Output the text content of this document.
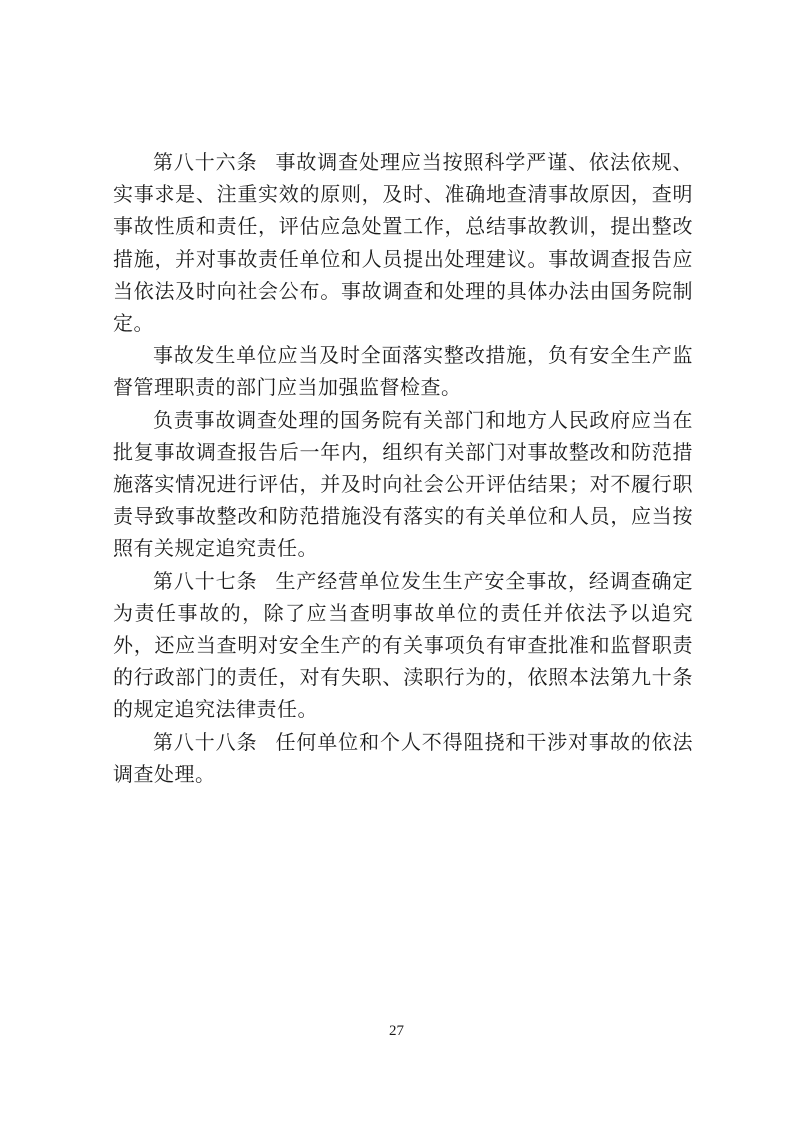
第八十六条 事故调查处理应当按照科学严谨、依法依规、实事求是、注重实效的原则，及时、准确地查清事故原因，查明事故性质和责任，评估应急处置工作，总结事故教训，提出整改措施，并对事故责任单位和人员提出处理建议。事故调查报告应当依法及时向社会公布。事故调查和处理的具体办法由国务院制定。

事故发生单位应当及时全面落实整改措施，负有安全生产监督管理职责的部门应当加强监督检查。

负责事故调查处理的国务院有关部门和地方人民政府应当在批复事故调查报告后一年内，组织有关部门对事故整改和防范措施落实情况进行评估，并及时向社会公开评估结果；对不履行职责导致事故整改和防范措施没有落实的有关单位和人员，应当按照有关规定追究责任。

第八十七条 生产经营单位发生生产安全事故，经调查确定为责任事故的，除了应当查明事故单位的责任并依法予以追究外，还应当查明对安全生产的有关事项负有审查批准和监督职责的行政部门的责任，对有失职、渎职行为的，依照本法第九十条的规定追究法律责任。

第八十八条 任何单位和个人不得阻挠和干涉对事故的依法调查处理。

27
